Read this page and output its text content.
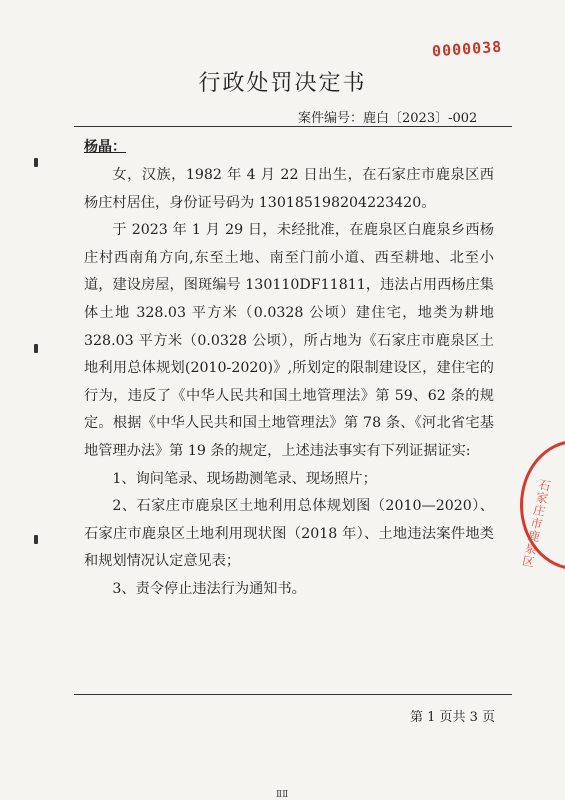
0000038
行政处罚决定书
案件编号：鹿白〔2023〕-002
杨晶：

女，汉族，1982 年 4 月 22 日出生，在石家庄市鹿泉区西杨庄村居住，身份证号码为 130185198204223420。

于 2023 年 1 月 29 日，未经批准，在鹿泉区白鹿泉乡西杨庄村西南角方向,东至土地、南至门前小道、西至耕地、北至小道，建设房屋，图斑编号 130110DF11811，违法占用西杨庄集体土地 328.03 平方米（0.0328 公顷）建住宅，地类为耕地 328.03 平方米（0.0328 公顷），所占地为《石家庄市鹿泉区土地利用总体规划(2010-2020)》,所划定的限制建设区，建住宅的行为，违反了《中华人民共和国土地管理法》第 59、62 条的规定。根据《中华人民共和国土地管理法》第 78 条、《河北省宅基地管理办法》第 19 条的规定，上述违法事实有下列证据证实:

1、询问笔录、现场勘测笔录、现场照片；

2、石家庄市鹿泉区土地利用总体规划图（2010—2020）、石家庄市鹿泉区土地利用现状图（2018 年）、土地违法案件地类和规划情况认定意见表；

3、责令停止违法行为通知书。

石家庄市鹿泉区
第 1 页共 3 页
ⅡⅡ
